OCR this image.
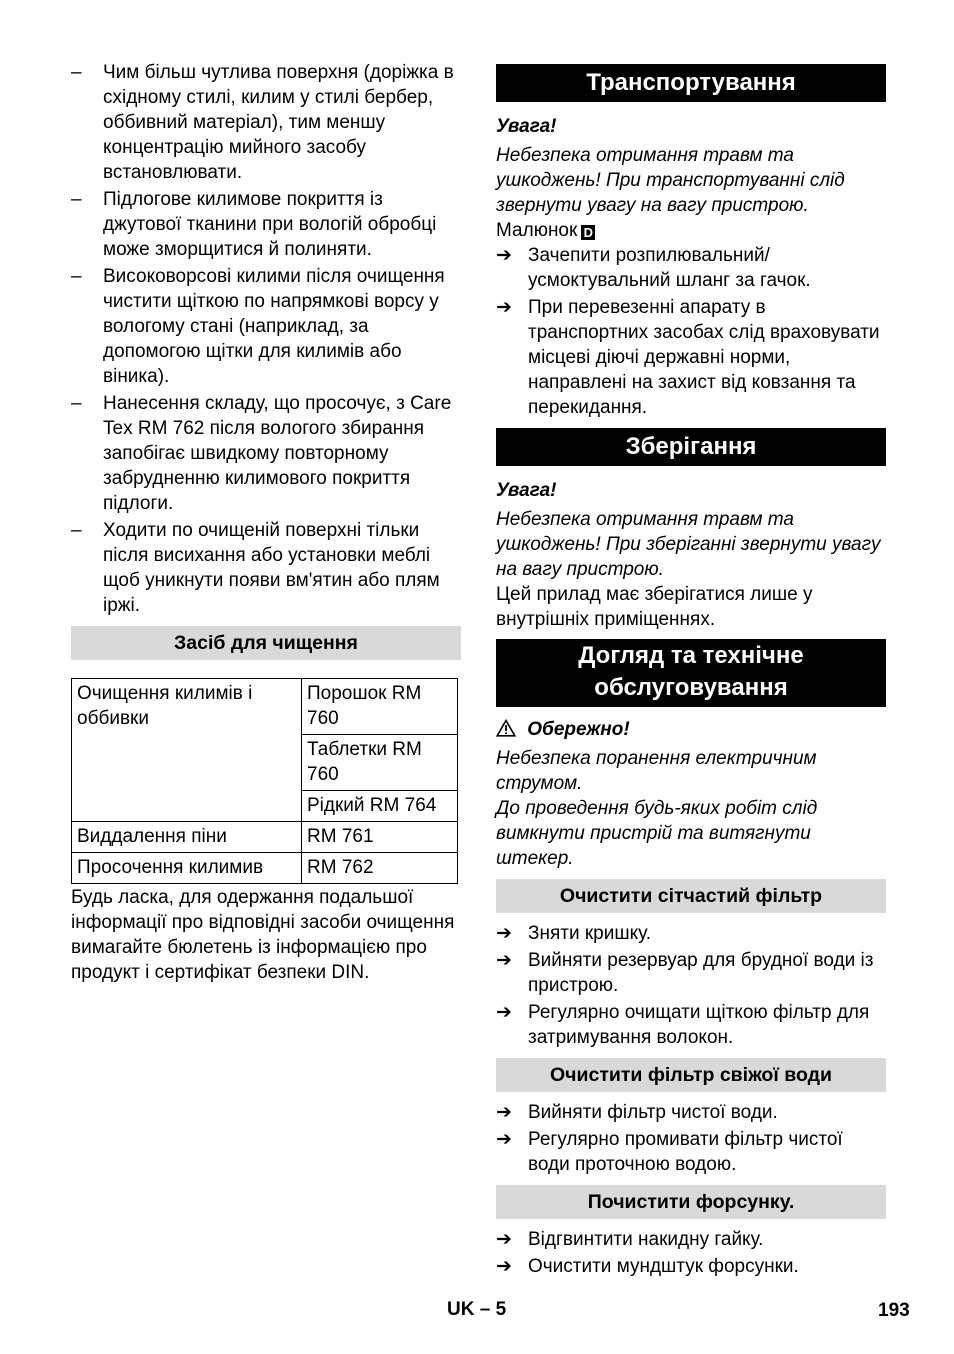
– Чим більш чутлива поверхня (доріжка в східному стилі, килим у стилі бербер, оббивний матеріал), тим меншу концентрацію мийного засобу встановлювати.
– Підлогове килимове покриття із джутової тканини при вологій обробці може зморщитися й полиняти.
– Високоворсові килими після очищення чистити щіткою по напрямкові ворсу у вологому стані (наприклад, за допомогою щітки для килимів або віника).
– Нанесення складу, що просочує, з Care Tex RM 762 після вологого збирання запобігає швидкому повторному забрудненню килимового покриття підлоги.
– Ходити по очищеній поверхні тільки після висихання або установки меблі щоб уникнути появи вм'ятин або плям іржі.
Засіб для чищення
Очищення килимів і оббивки	Порошок RM 760
	Таблетки RM 760
	Рідкий RM 764
Виддалення піни	RM 761
Просочення килимив	RM 762
Будь ласка, для одержання подальшої інформації про відповідні засоби очищення вимагайте бюлетень із інформацією про продукт і сертифікат безпеки DIN.
Транспортування
Увага!
Небезпека отримання травм та ушкоджень! При транспортуванні слід звернути увагу на вагу пристрою.
Малюнок D
➔ Зачепити розпилювальний/ усмоктувальний шланг за гачок.
➔ При перевезенні апарату в транспортних засобах слід враховувати місцеві діючі державні норми, направлені на захист від ковзання та перекидання.
Зберігання
Увага!
Небезпека отримання травм та ушкоджень! При зберіганні звернути увагу на вагу пристрою.
Цей прилад має зберігатися лише у внутрішніх приміщеннях.
Догляд та технічне обслуговування
Обережно!
Небезпека поранення електричним струмом.
До проведення будь-яких робіт слід вимкнути пристрій та витягнути штекер.
Очистити сітчастий фільтр
➔ Зняти кришку.
➔ Вийняти резервуар для брудної води із пристрою.
➔ Регулярно очищати щіткою фільтр для затримування волокон.
Очистити фільтр свіжої води
➔ Вийняти фільтр чистої води.
➔ Регулярно промивати фільтр чистої води проточною водою.
Почистити форсунку.
➔ Відгвинтити накидну гайку.
➔ Очистити мундштук форсунки.
UK – 5	193
